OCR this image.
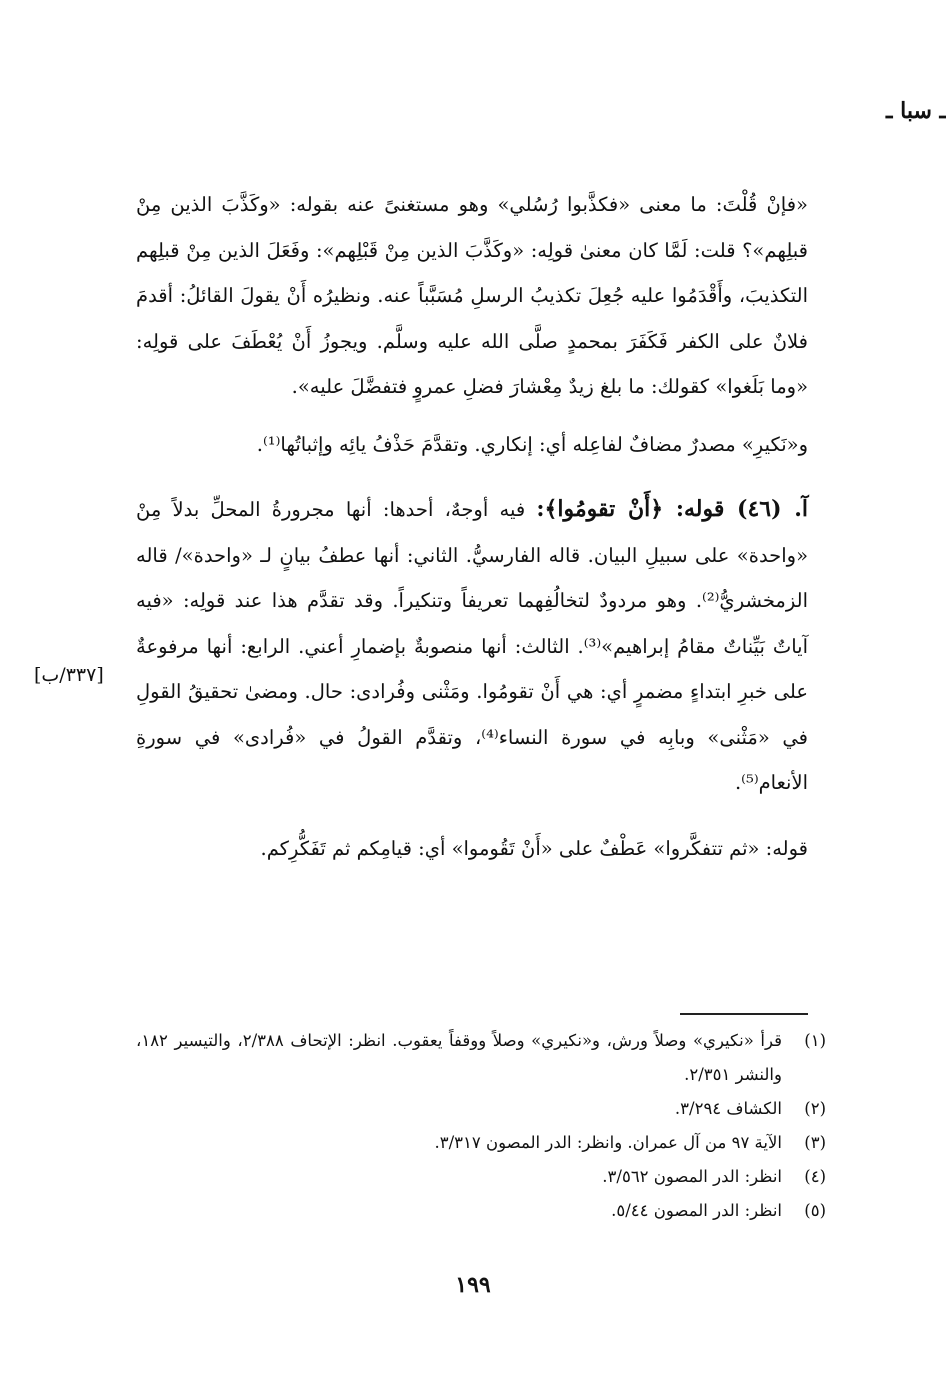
ـ سبا ـ
[٣٣٧/ب]

«فإنْ قُلْتَ: ما معنى «فكذَّبوا رُسُلي» وهو مستغنىً عنه بقوله: «وكَذَّبَ الذين مِنْ قبلِهم»؟ قلت: لَمَّا كان معنىٰ قولِه: «وكَذَّبَ الذين مِنْ قَبْلِهم»: وفَعَلَ الذين مِنْ قبلِهم التكذيبَ، وأَقْدَمُوا عليه جُعِلَ تكذيبُ الرسلِ مُسَبَّباً عنه. ونظيرُه أَنْ يقولَ القائلُ: أقدمَ فلانٌ على الكفر فَكَفَرَ بمحمدٍ صلَّى الله عليه وسلَّم. ويجوزُ أَنْ يُعْطَفَ على قولِه: «وما بَلَغوا» كقولك: ما بلغ زيدٌ مِعْشارَ فضلِ عمروٍ فتفضَّلَ عليه».

و«نَكيرِ» مصدرٌ مضافٌ لفاعِله أي: إنكاري. وتقدَّمَ حَذْفُ يائِه وإثباتُها⁽¹⁾.

آ. (٤٦) قوله: ﴿أَنْ تقومُوا﴾: فيه أوجهٌ، أحدها: أنها مجرورةُ المحلِّ بدلاً مِنْ «واحدة» على سبيلِ البيان. قاله الفارسيُّ. الثاني: أنها عطفُ بيانٍ لـ «واحدة»/ قاله الزمخشريُّ⁽²⁾. وهو مردودٌ لتخالُفِهما تعريفاً وتنكيراً. وقد تقدَّم هذا عند قولِه: «فيه آياتٌ بَيِّناتٌ مقامُ إبراهيم»⁽³⁾. الثالث: أنها منصوبةٌ بإضمارِ أعني. الرابع: أنها مرفوعةٌ على خبرِ ابتداءٍ مضمرٍ أي: هي أَنْ تقومُوا. ومَثْنى وفُرادى: حال. ومضىٰ تحقيقُ القولِ في «مَثْنى» وبابِه في سورة النساء⁽⁴⁾، وتقدَّم القولُ في «فُرادى» في سورةِ الأنعام⁽⁵⁾.

قوله: «ثم تتفكَّروا» عَطْفٌ على «أَنْ تَقُوموا» أي: قيامِكم ثم تَفَكُّرِكم.

(١)
قرأ «نكيري» وصلاً ورش، و«نكيري» وصلاً ووقفاً يعقوب. انظر: الإتحاف ٢/٣٨٨، والتيسير ١٨٢، والنشر ٢/٣٥١.
(٢)
الكشاف ٣/٢٩٤.
(٣)
الآية ٩٧ من آل عمران. وانظر: الدر المصون ٣/٣١٧.
(٤)
انظر: الدر المصون ٣/٥٦٢.
(٥)
انظر: الدر المصون ٥/٤٤.
١٩٩
